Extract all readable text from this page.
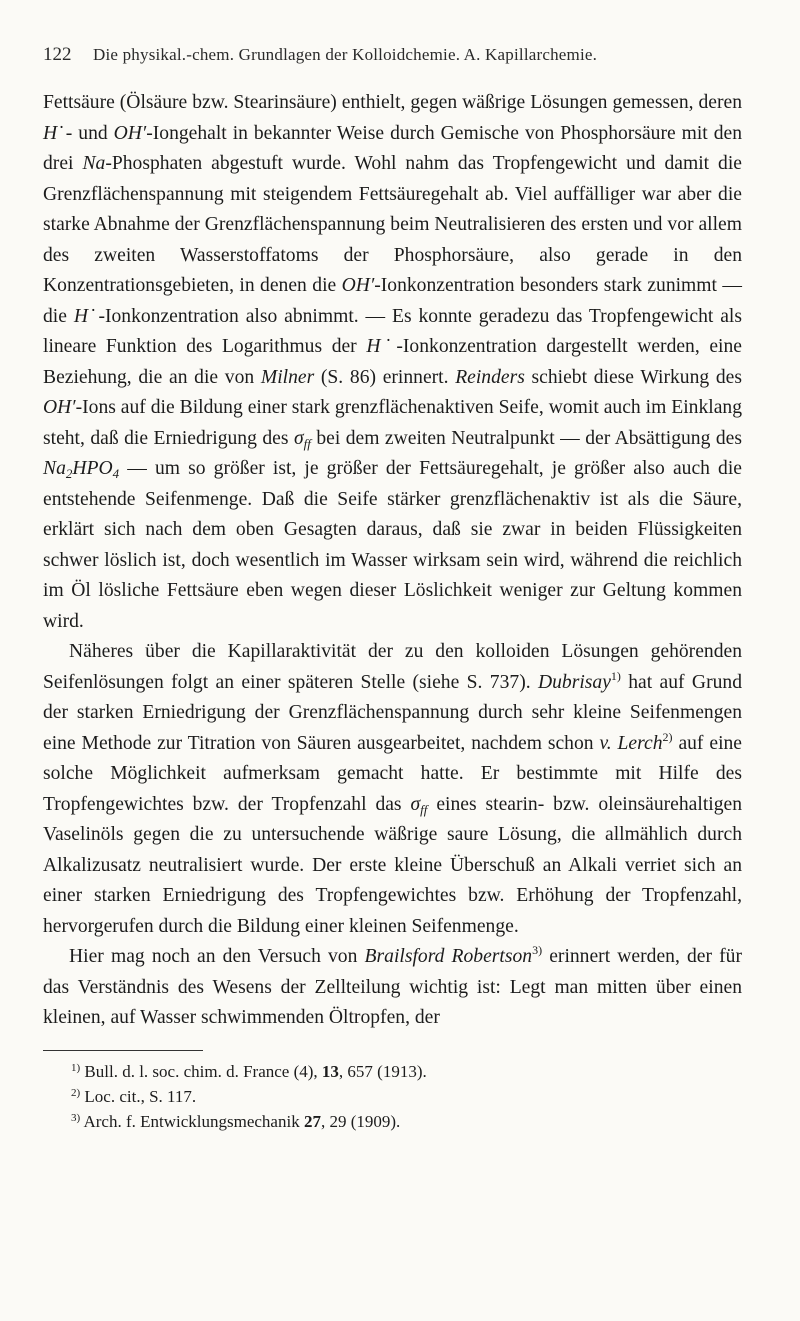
122	Die physikal.-chem. Grundlagen der Kolloidchemie. A. Kapillarchemie.

Fettsäure (Ölsäure bzw. Stearinsäure) enthielt, gegen wäßrige Lösungen gemessen, deren H˙- und OH′-Iongehalt in bekannter Weise durch Gemische von Phosphorsäure mit den drei Na-Phosphaten abgestuft wurde. Wohl nahm das Tropfengewicht und damit die Grenzflächenspannung mit steigendem Fettsäuregehalt ab. Viel auffälliger war aber die starke Abnahme der Grenzflächenspannung beim Neutralisieren des ersten und vor allem des zweiten Wasserstoffatoms der Phosphorsäure, also gerade in den Konzentrationsgebieten, in denen die OH′-Ionkonzentration besonders stark zunimmt — die H˙-Ionkonzentration also abnimmt. — Es konnte geradezu das Tropfengewicht als lineare Funktion des Logarithmus der H˙-Ionkonzentration dargestellt werden, eine Beziehung, die an die von Milner (S. 86) erinnert. Reinders schiebt diese Wirkung des OH′-Ions auf die Bildung einer stark grenzflächenaktiven Seife, womit auch im Einklang steht, daß die Erniedrigung des $\sigma_{ff}$ bei dem zweiten Neutralpunkt — der Absättigung des $Na_2HPO_4$ — um so größer ist, je größer der Fettsäuregehalt, je größer also auch die entstehende Seifenmenge. Daß die Seife stärker grenzflächenaktiv ist als die Säure, erklärt sich nach dem oben Gesagten daraus, daß sie zwar in beiden Flüssigkeiten schwer löslich ist, doch wesentlich im Wasser wirksam sein wird, während die reichlich im Öl lösliche Fettsäure eben wegen dieser Löslichkeit weniger zur Geltung kommen wird.

Näheres über die Kapillaraktivität der zu den kolloiden Lösungen gehörenden Seifenlösungen folgt an einer späteren Stelle (siehe S. 737). Dubrisay$^{1)}$ hat auf Grund der starken Erniedrigung der Grenzflächenspannung durch sehr kleine Seifenmengen eine Methode zur Titration von Säuren ausgearbeitet, nachdem schon v. Lerch$^{2)}$ auf eine solche Möglichkeit aufmerksam gemacht hatte. Er bestimmte mit Hilfe des Tropfengewichtes bzw. der Tropfenzahl das $\sigma_{ff}$ eines stearin- bzw. oleinsäurehaltigen Vaselinöls gegen die zu untersuchende wäßrige saure Lösung, die allmählich durch Alkalizusatz neutralisiert wurde. Der erste kleine Überschuß an Alkali verriet sich an einer starken Erniedrigung des Tropfengewichtes bzw. Erhöhung der Tropfenzahl, hervorgerufen durch die Bildung einer kleinen Seifenmenge.

Hier mag noch an den Versuch von Brailsford Robertson$^{3)}$ erinnert werden, der für das Verständnis des Wesens der Zellteilung wichtig ist: Legt man mitten über einen kleinen, auf Wasser schwimmenden Öltropfen, der

$^{1)}$ Bull. d. l. soc. chim. d. France (4), 13, 657 (1913).
$^{2)}$ Loc. cit., S. 117.
$^{3)}$ Arch. f. Entwicklungsmechanik 27, 29 (1909).
